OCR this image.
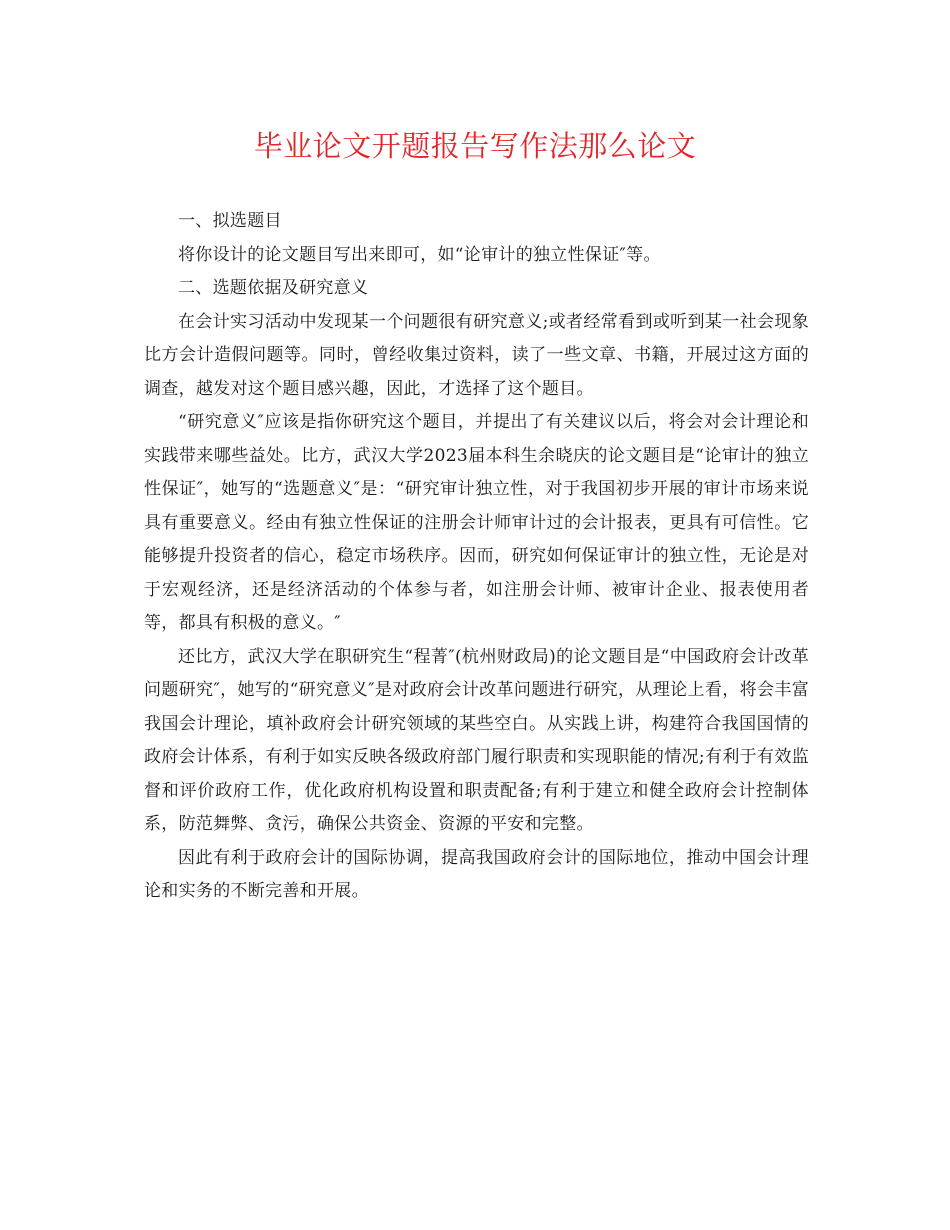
毕业论文开题报告写作法那么论文

一、拟选题目

将你设计的论文题目写出来即可，如“论审计的独立性保证″等。

二、选题依据及研究意义

在会计实习活动中发现某一个问题很有研究意义;或者经常看到或听到某一社会现象比方会计造假问题等。同时，曾经收集过资料，读了一些文章、书籍，开展过这方面的调查，越发对这个题目感兴趣，因此，才选择了这个题目。

“研究意义″应该是指你研究这个题目，并提出了有关建议以后，将会对会计理论和实践带来哪些益处。比方，武汉大学2023届本科生余晓庆的论文题目是“论审计的独立性保证″，她写的“选题意义″是：“研究审计独立性，对于我国初步开展的审计市场来说具有重要意义。经由有独立性保证的注册会计师审计过的会计报表，更具有可信性。它能够提升投资者的信心，稳定市场秩序。因而，研究如何保证审计的独立性，无论是对于宏观经济，还是经济活动的个体参与者，如注册会计师、被审计企业、报表使用者等，都具有积极的意义。″

还比方，武汉大学在职研究生“程菁″(杭州财政局)的论文题目是“中国政府会计改革问题研究″，她写的“研究意义″是对政府会计改革问题进行研究，从理论上看，将会丰富我国会计理论，填补政府会计研究领域的某些空白。从实践上讲，构建符合我国国情的政府会计体系，有利于如实反映各级政府部门履行职责和实现职能的情况;有利于有效监督和评价政府工作，优化政府机构设置和职责配备;有利于建立和健全政府会计控制体系，防范舞弊、贪污，确保公共资金、资源的平安和完整。

因此有利于政府会计的国际协调，提高我国政府会计的国际地位，推动中国会计理论和实务的不断完善和开展。
